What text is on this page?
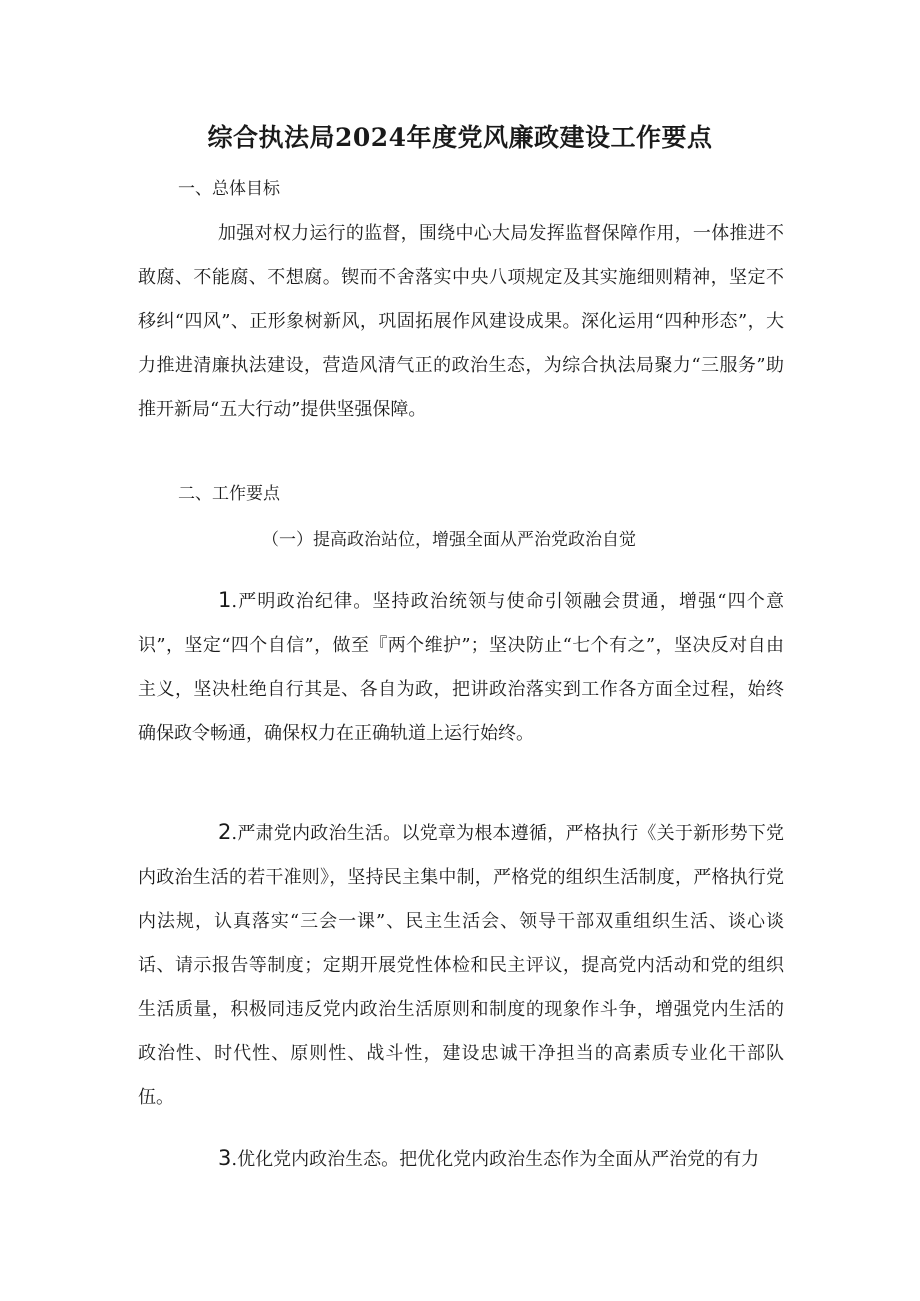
综合执法局2024年度党风廉政建设工作要点
一、总体目标
加强对权力运行的监督，围绕中心大局发挥监督保障作用，一体推进不敢腐、不能腐、不想腐。锲而不舍落实中央八项规定及其实施细则精神，坚定不移纠“四风”、正形象树新风，巩固拓展作风建设成果。深化运用“四种形态”，大力推进清廉执法建设，营造风清气正的政治生态，为综合执法局聚力“三服务”助推开新局“五大行动”提供坚强保障。
二、工作要点
（一）提高政治站位，增强全面从严治党政治自觉
1.严明政治纪律。坚持政治统领与使命引领融会贯通，增强“四个意识”，坚定“四个自信”，做至『两个维护”；坚决防止“七个有之”，坚决反对自由主义，坚决杜绝自行其是、各自为政，把讲政治落实到工作各方面全过程，始终确保政令畅通，确保权力在正确轨道上运行始终。
2.严肃党内政治生活。以党章为根本遵循，严格执行《关于新形势下党内政治生活的若干准则》，坚持民主集中制，严格党的组织生活制度，严格执行党内法规，认真落实“三会一课”、民主生活会、领导干部双重组织生活、谈心谈话、请示报告等制度；定期开展党性体检和民主评议，提高党内活动和党的组织生活质量，积极同违反党内政治生活原则和制度的现象作斗争，增强党内生活的政治性、时代性、原则性、战斗性，建设忠诚干净担当的高素质专业化干部队伍。
3.优化党内政治生态。把优化党内政治生态作为全面从严治党的有力
